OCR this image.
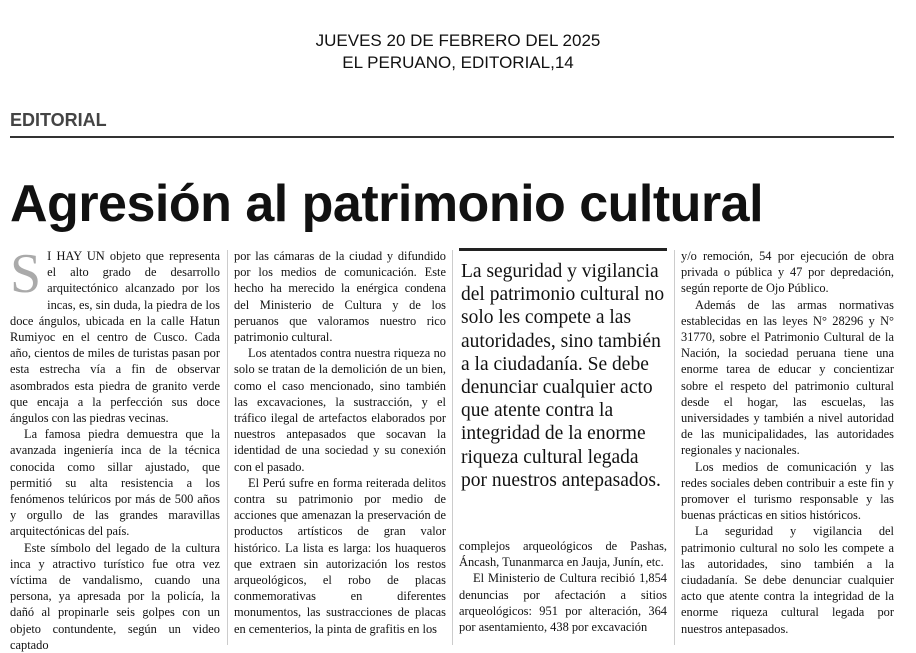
JUEVES 20 DE FEBRERO DEL 2025
EL PERUANO, EDITORIAL,14
EDITORIAL
Agresión al patrimonio cultural

S I HAY UN objeto que representa el alto grado de desarrollo arquitectónico alcanzado por los incas, es, sin duda, la piedra de los doce ángulos, ubicada en la calle Hatun Rumiyoc en el centro de Cusco. Cada año, cientos de miles de turistas pasan por esta estrecha vía a fin de observar asombrados esta piedra de granito verde que encaja a la perfección sus doce ángulos con las piedras vecinas.

La famosa piedra demuestra que la avanzada ingeniería inca de la técnica conocida como sillar ajustado, que permitió su alta resistencia a los fenómenos telúricos por más de 500 años y orgullo de las grandes maravillas arquitectónicas del país.

Este símbolo del legado de la cultura inca y atractivo turístico fue otra vez víctima de vandalismo, cuando una persona, ya apresada por la policía, la dañó al propinarle seis golpes con un objeto contundente, según un video captado

por las cámaras de la ciudad y difundido por los medios de comunicación. Este hecho ha merecido la enérgica condena del Ministerio de Cultura y de los peruanos que valoramos nuestro rico patrimonio cultural.

Los atentados contra nuestra riqueza no solo se tratan de la demolición de un bien, como el caso mencionado, sino también las excavaciones, la sustracción, y el tráfico ilegal de artefactos elaborados por nuestros antepasados que socavan la identidad de una sociedad y su conexión con el pasado.

El Perú sufre en forma reiterada delitos contra su patrimonio por medio de acciones que amenazan la preservación de productos artísticos de gran valor histórico. La lista es larga: los huaqueros que extraen sin autorización los restos arqueológicos, el robo de placas conmemorativas en diferentes monumentos, las sustracciones de placas en cementerios, la pinta de grafitis en los

La seguridad y vigilancia del patrimonio cultural no solo les compete a las autoridades, sino también a la ciudadanía. Se debe denunciar cualquier acto que atente contra la integridad de la enorme riqueza cultural legada por nuestros antepasados.

complejos arqueológicos de Pashas, Áncash, Tunanmarca en Jauja, Junín, etc.

El Ministerio de Cultura recibió 1,854 denuncias por afectación a sitios arqueológicos: 951 por alteración, 364 por asentamiento, 438 por excavación

y/o remoción, 54 por ejecución de obra privada o pública y 47 por depredación, según reporte de Ojo Público.

Además de las armas normativas establecidas en las leyes N° 28296 y N° 31770, sobre el Patrimonio Cultural de la Nación, la sociedad peruana tiene una enorme tarea de educar y concientizar sobre el respeto del patrimonio cultural desde el hogar, las escuelas, las universidades y también a nivel autoridad de las municipalidades, las autoridades regionales y nacionales.

Los medios de comunicación y las redes sociales deben contribuir a este fin y promover el turismo responsable y las buenas prácticas en sitios históricos.

La seguridad y vigilancia del patrimonio cultural no solo les compete a las autoridades, sino también a la ciudadanía. Se debe denunciar cualquier acto que atente contra la integridad de la enorme riqueza cultural legada por nuestros antepasados.
